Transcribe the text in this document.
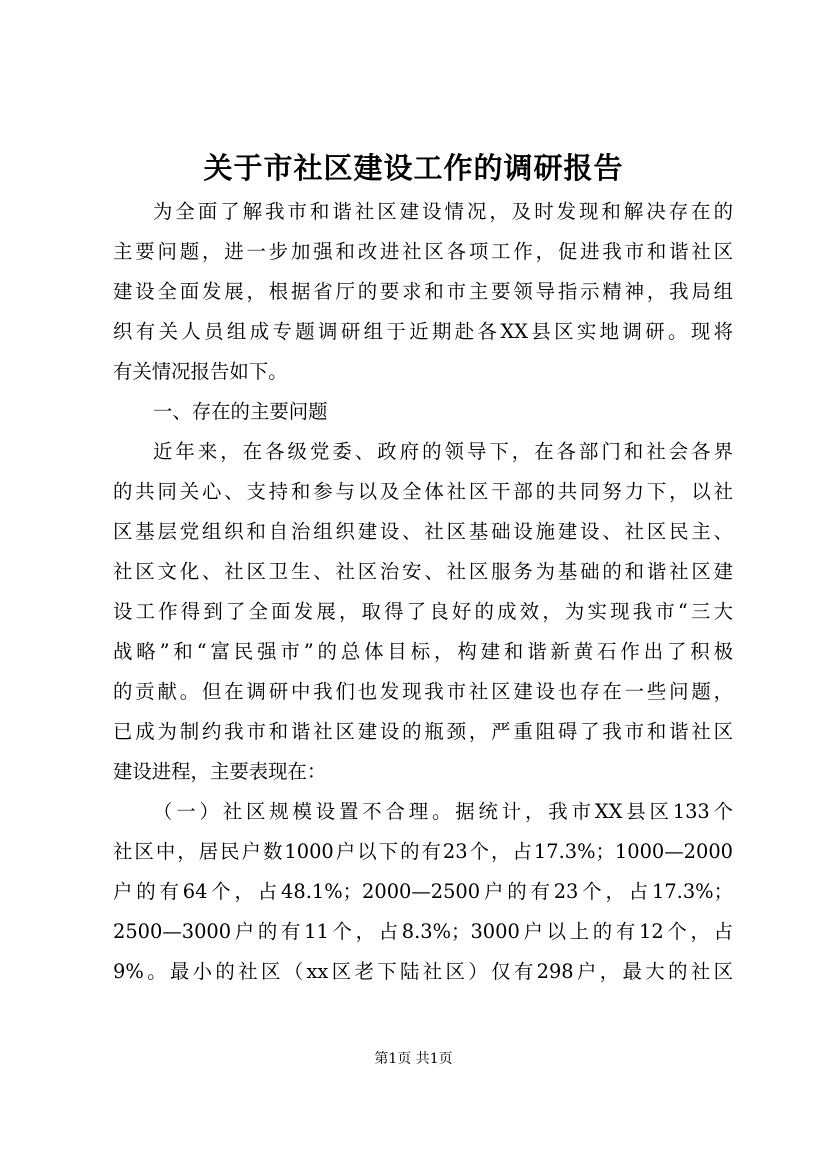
关于市社区建设工作的调研报告
为全面了解我市和谐社区建设情况，及时发现和解决存在的
主要问题，进一步加强和改进社区各项工作，促进我市和谐社区
建设全面发展，根据省厅的要求和市主要领导指示精神，我局组
织有关人员组成专题调研组于近期赴各XX县区实地调研。现将
有关情况报告如下。
一、存在的主要问题
近年来，在各级党委、政府的领导下，在各部门和社会各界
的共同关心、支持和参与以及全体社区干部的共同努力下，以社
区基层党组织和自治组织建设、社区基础设施建设、社区民主、
社区文化、社区卫生、社区治安、社区服务为基础的和谐社区建
设工作得到了全面发展，取得了良好的成效，为实现我市“三大
战略”和“富民强市”的总体目标，构建和谐新黄石作出了积极
的贡献。但在调研中我们也发现我市社区建设也存在一些问题，
已成为制约我市和谐社区建设的瓶颈，严重阻碍了我市和谐社区
建设进程，主要表现在：
（一）社区规模设置不合理。据统计，我市XX县区133个
社区中，居民户数1000户以下的有23个，占17.3%；1000—2000
户的有64个，占48.1%；2000—2500户的有23个，占17.3%；
2500—3000户的有11个，占8.3%；3000户以上的有12个，占
9%。最小的社区（xx区老下陆社区）仅有298户，最大的社区
第1页 共1页
